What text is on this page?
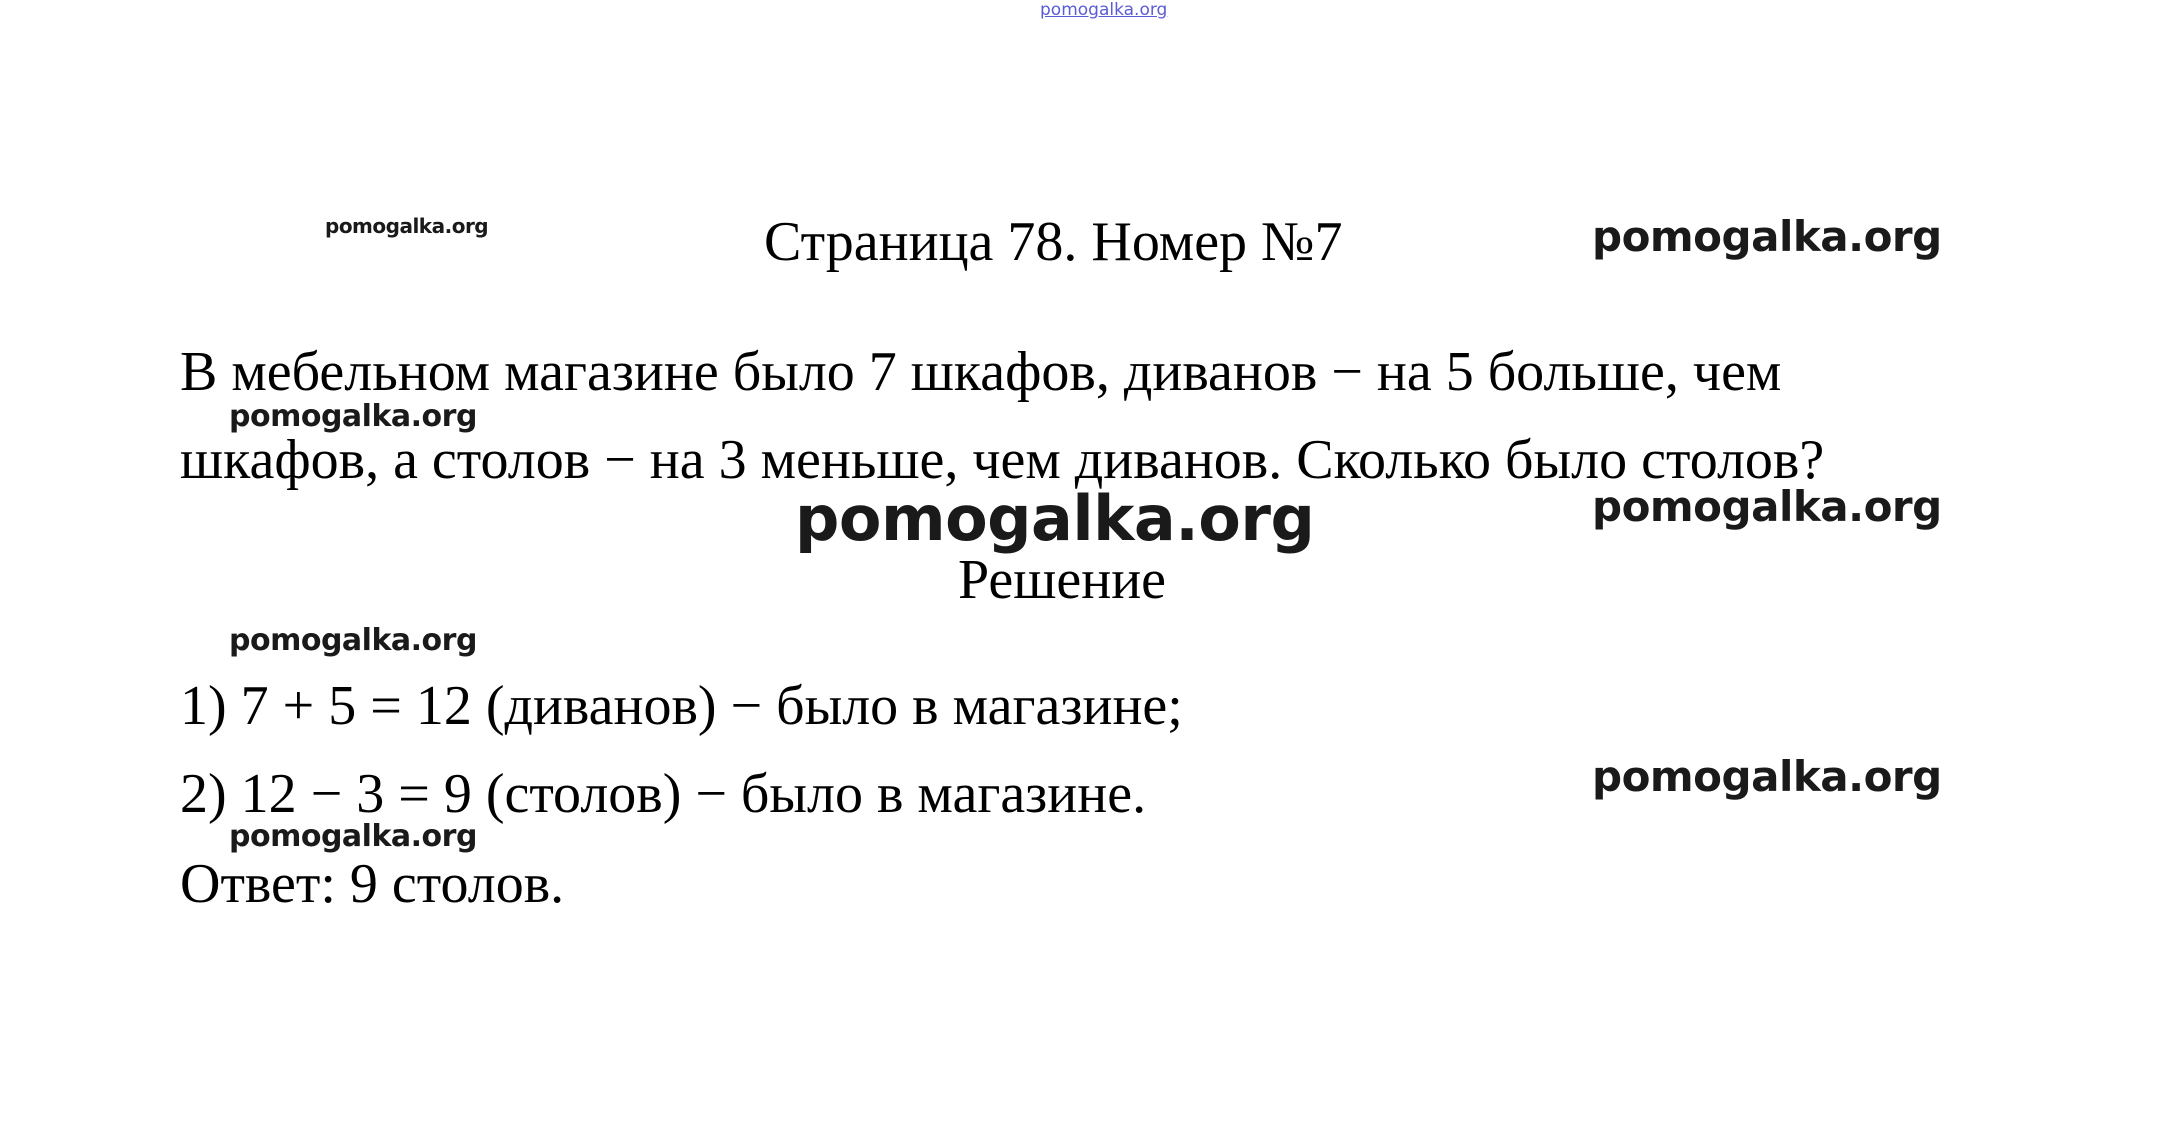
pomogalka.org
pomogalka.org	Страница 78. Номер №7	pomogalka.org
В мебельном магазине было 7 шкафов, диванов − на 5 больше, чем
pomogalka.org
шкафов, а столов − на 3 меньше, чем диванов. Сколько было столов?
pomogalka.org
pomogalka.org
Решение
pomogalka.org
1) 7 + 5 = 12 (диванов) − было в магазине;
2) 12 − 3 = 9 (столов) − было в магазине.	pomogalka.org
pomogalka.org
Ответ: 9 столов.
